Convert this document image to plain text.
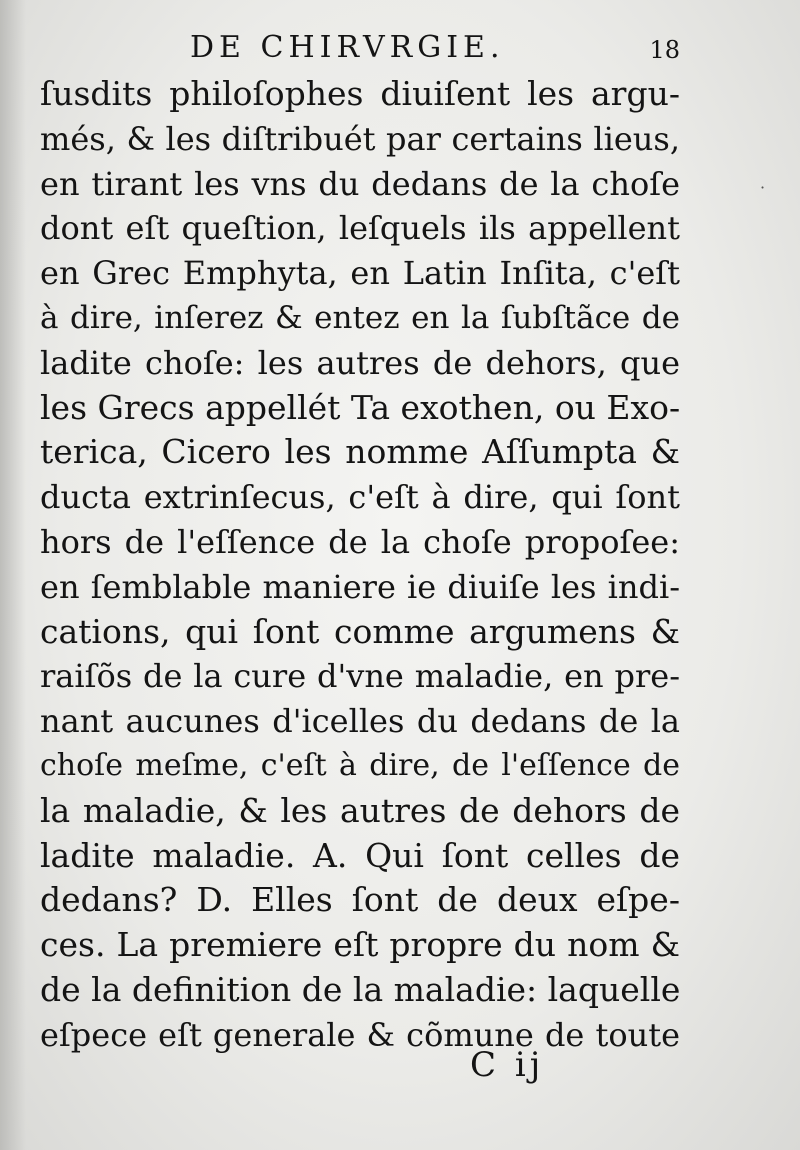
DE CHIRVRGIE.	18
ſusdits philoſophes diuiſent les argu-
més, & les diſtribuét par certains lieus,
en tirant les vns du dedans de la choſe
dont eſt queſtion, leſquels ils appellent
en Grec Emphyta, en Latin Inſita, c'eſt
à dire, inſerez & entez en la ſubſtãce de
ladite choſe: les autres de dehors, que
les Grecs appellét Ta exothen, ou Exo-
terica, Cicero les nomme Aſſumpta &
ducta extrinſecus, c'eſt à dire, qui ſont
hors de l'eſſence de la choſe propoſee:
en ſemblable maniere ie diuiſe les indi-
cations, qui ſont comme argumens &
raiſõs de la cure d'vne maladie, en pre-
nant aucunes d'icelles du dedans de la
choſe meſme, c'eſt à dire, de l'eſſence de
la maladie, & les autres de dehors de
ladite maladie. A. Qui ſont celles de
dedans? D. Elles ſont de deux eſpe-
ces. La premiere eſt propre du nom &
de la definition de la maladie: laquelle
eſpece eſt generale & cõmune de toute
C ij
·
